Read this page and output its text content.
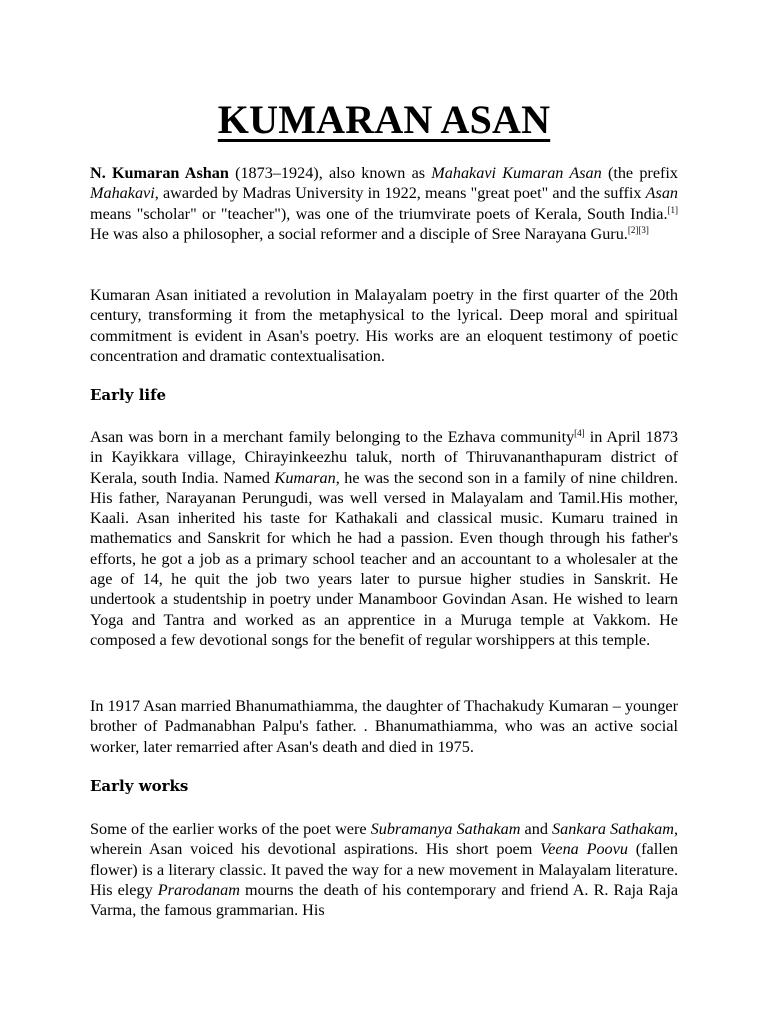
KUMARAN ASAN

N. Kumaran Ashan (1873–1924), also known as Mahakavi Kumaran Asan (the prefix Mahakavi, awarded by Madras University in 1922, means "great poet" and the suffix Asan means "scholar" or "teacher"), was one of the triumvirate poets of Kerala, South India.[1] He was also a philosopher, a social reformer and a disciple of Sree Narayana Guru.[2][3]

Kumaran Asan initiated a revolution in Malayalam poetry in the first quarter of the 20th century, transforming it from the metaphysical to the lyrical. Deep moral and spiritual commitment is evident in Asan's poetry. His works are an eloquent testimony of poetic concentration and dramatic contextualisation.

Early life

Asan was born in a merchant family belonging to the Ezhava community[4] in April 1873 in Kayikkara village, Chirayinkeezhu taluk, north of Thiruvananthapuram district of Kerala, south India. Named Kumaran, he was the second son in a family of nine children. His father, Narayanan Perungudi, was well versed in Malayalam and Tamil.His mother, Kaali. Asan inherited his taste for Kathakali and classical music. Kumaru trained in mathematics and Sanskrit for which he had a passion. Even though through his father's efforts, he got a job as a primary school teacher and an accountant to a wholesaler at the age of 14, he quit the job two years later to pursue higher studies in Sanskrit. He undertook a studentship in poetry under Manamboor Govindan Asan. He wished to learn Yoga and Tantra and worked as an apprentice in a Muruga temple at Vakkom. He composed a few devotional songs for the benefit of regular worshippers at this temple.

In 1917 Asan married Bhanumathiamma, the daughter of Thachakudy Kumaran – younger brother of Padmanabhan Palpu's father. . Bhanumathiamma, who was an active social worker, later remarried after Asan's death and died in 1975.

Early works

Some of the earlier works of the poet were Subramanya Sathakam and Sankara Sathakam, wherein Asan voiced his devotional aspirations. His short poem Veena Poovu (fallen flower) is a literary classic. It paved the way for a new movement in Malayalam literature. His elegy Prarodanam mourns the death of his contemporary and friend A. R. Raja Raja Varma, the famous grammarian. His
